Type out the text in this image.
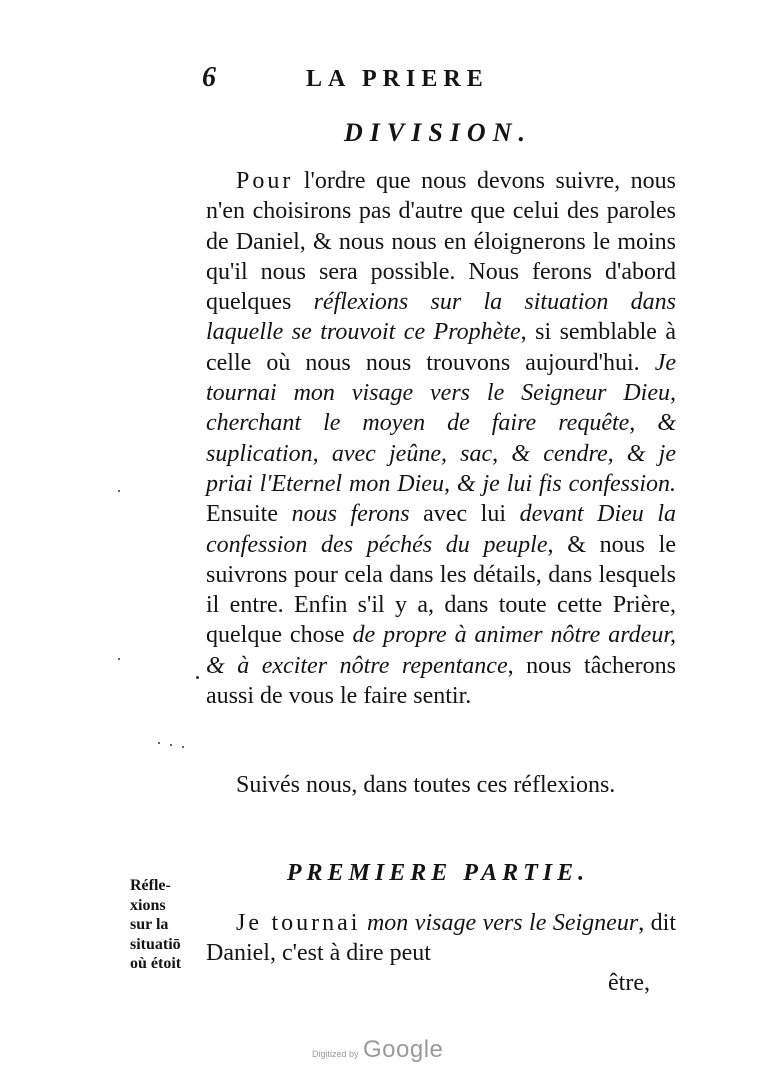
6	LA PRIERE
DIVISION.

Pour l'ordre que nous devons suivre, nous n'en choisirons pas d'autre que celui des paroles de Daniel, & nous nous en éloignerons le moins qu'il nous sera possible. Nous ferons d'abord quelques réflexions sur la situation dans laquelle se trouvoit ce Prophète, si semblable à celle où nous nous trouvons aujourd'hui. Je tournai mon visage vers le Seigneur Dieu, cherchant le moyen de faire requête, & suplication, avec jeûne, sac, & cendre, & je priai l'Eternel mon Dieu, & je lui fis confession. Ensuite nous ferons avec lui devant Dieu la confession des péchés du peuple, & nous le suivrons pour cela dans les détails, dans lesquels il entre. Enfin s'il y a, dans toute cette Prière, quelque chose de propre à animer nôtre ardeur, & à exciter nôtre repentance, nous tâcherons aussi de vous le faire sentir.

Suivés nous, dans toutes ces réflexions.

PREMIERE PARTIE.
Réfle-
xions
sur la
situatiō
où étoit

Je tournai mon visage vers le Seigneur, dit Daniel, c'est à dire peut

être,
Digitized by Google
